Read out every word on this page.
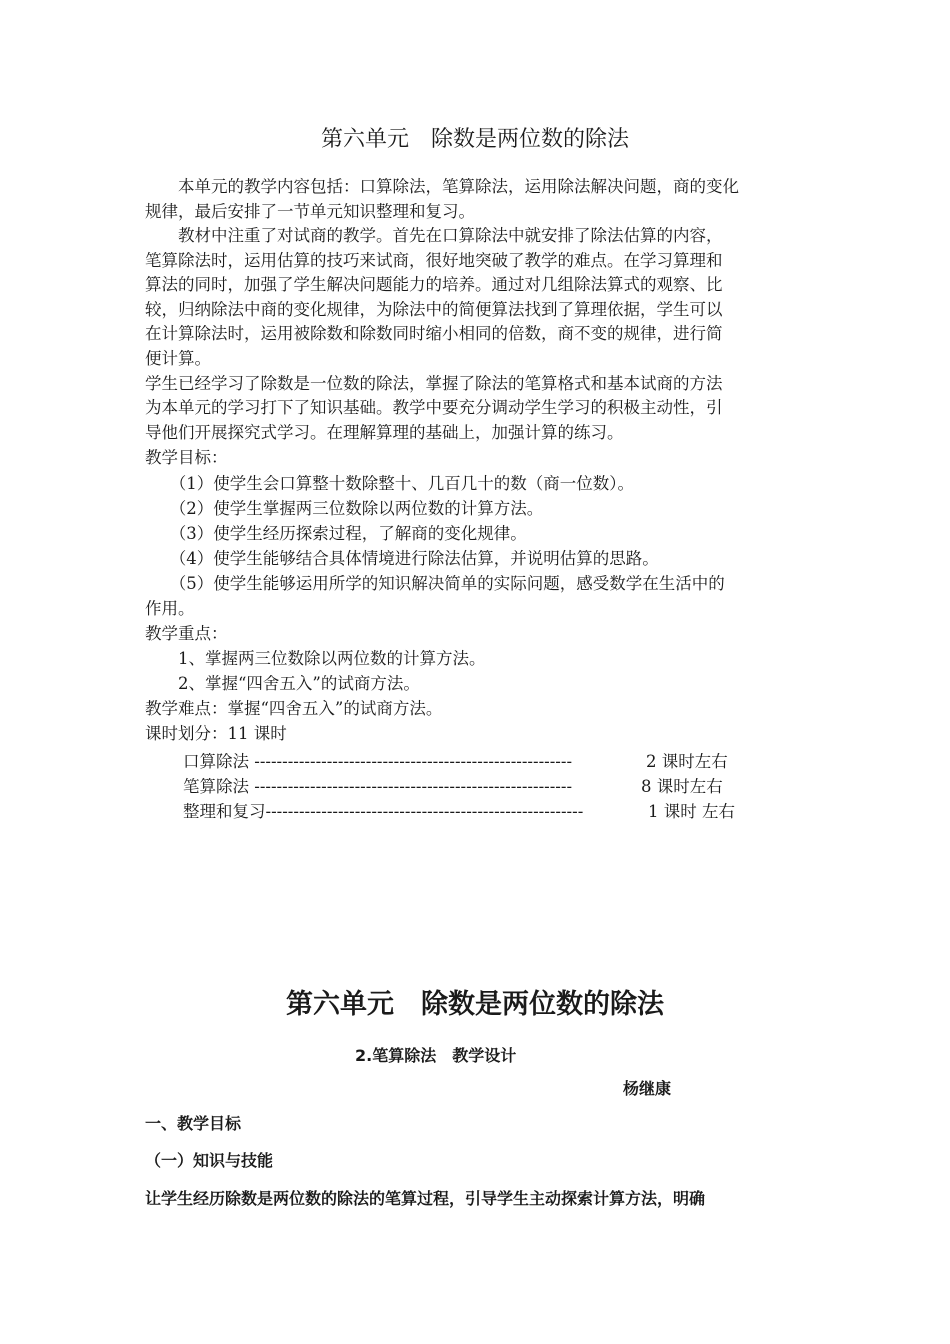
第六单元　除数是两位数的除法
　　本单元的教学内容包括：口算除法，笔算除法，运用除法解决问题，商的变化
规律，最后安排了一节单元知识整理和复习。
　　教材中注重了对试商的教学。首先在口算除法中就安排了除法估算的内容，
笔算除法时，运用估算的技巧来试商，很好地突破了教学的难点。在学习算理和
算法的同时，加强了学生解决问题能力的培养。通过对几组除法算式的观察、比
较，归纳除法中商的变化规律，为除法中的简便算法找到了算理依据，学生可以
在计算除法时，运用被除数和除数同时缩小相同的倍数，商不变的规律，进行简
便计算。
学生已经学习了除数是一位数的除法，掌握了除法的笔算格式和基本试商的方法
为本单元的学习打下了知识基础。教学中要充分调动学生学习的积极主动性，引
导他们开展探究式学习。在理解算理的基础上，加强计算的练习。
教学目标：
　　（1）使学生会口算整十数除整十、几百几十的数（商一位数）。
　　（2）使学生掌握两三位数除以两位数的计算方法。
　　（3）使学生经历探索过程，了解商的变化规律。
　　（4）使学生能够结合具体情境进行除法估算，并说明估算的思路。
　　（5）使学生能够运用所学的知识解决简单的实际问题，感受数学在生活中的
作用。
教学重点：
　　1、掌握两三位数除以两位数的计算方法。
　　2、掌握“四舍五入”的试商方法。
教学难点：掌握“四舍五入”的试商方法。
课时划分：11 课时
口算除法 ---------------------------------------------------------	2 课时左右
笔算除法 ---------------------------------------------------------	8 课时左右
整理和复习---------------------------------------------------------	1 课时 左右
第六单元　除数是两位数的除法
2.笔算除法　教学设计
杨继康
一、教学目标
（一）知识与技能
让学生经历除数是两位数的除法的笔算过程，引导学生主动探索计算方法，明确
